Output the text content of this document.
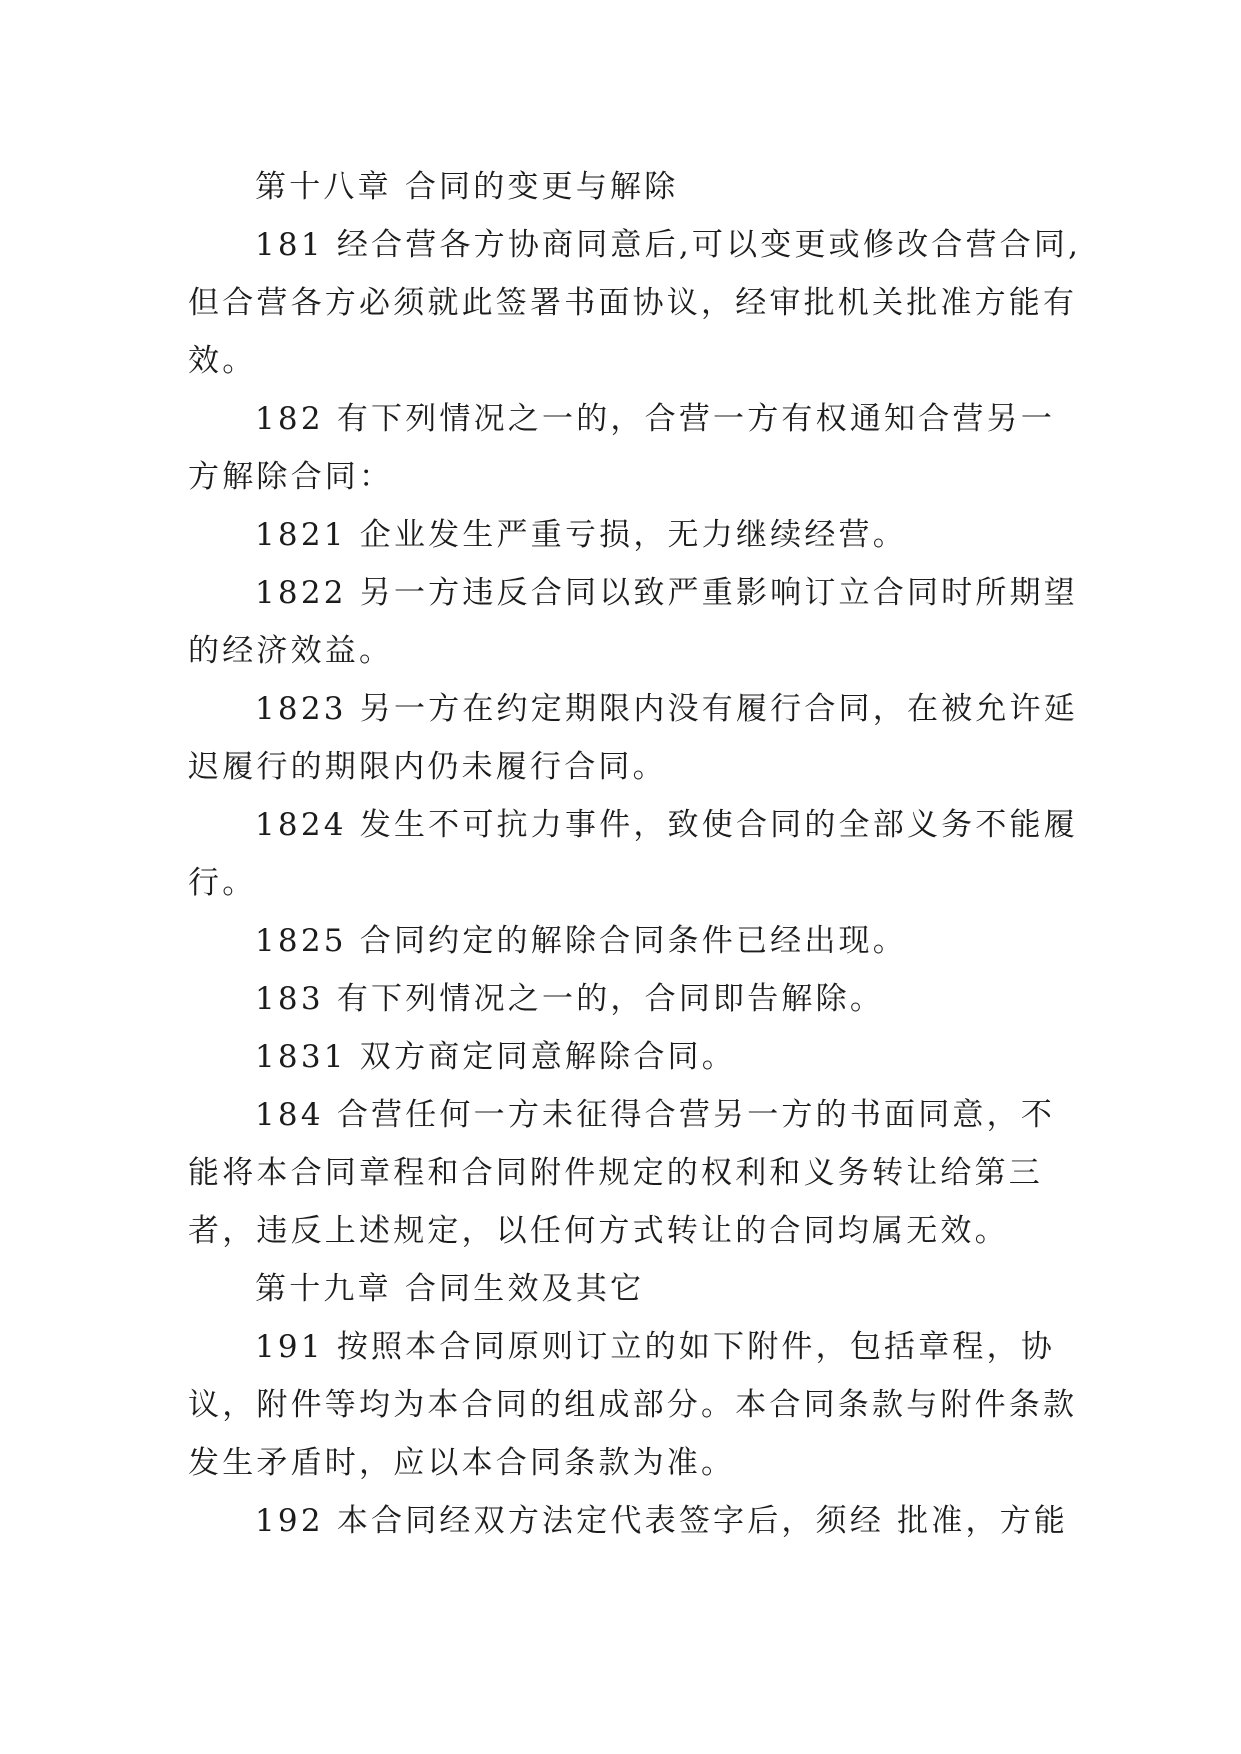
第十八章 合同的变更与解除

181 经合营各方协商同意后,可以变更或修改合营合同,但合营各方必须就此签署书面协议，经审批机关批准方能有效。

182 有下列情况之一的，合营一方有权通知合营另一方解除合同：

1821 企业发生严重亏损，无力继续经营。

1822 另一方违反合同以致严重影响订立合同时所期望的经济效益。

1823 另一方在约定期限内没有履行合同，在被允许延迟履行的期限内仍未履行合同。

1824 发生不可抗力事件，致使合同的全部义务不能履行。

1825 合同约定的解除合同条件已经出现。

183 有下列情况之一的，合同即告解除。

1831 双方商定同意解除合同。

184 合营任何一方未征得合营另一方的书面同意，不能将本合同章程和合同附件规定的权利和义务转让给第三者，违反上述规定，以任何方式转让的合同均属无效。

第十九章 合同生效及其它

191 按照本合同原则订立的如下附件，包括章程，协议，附件等均为本合同的组成部分。本合同条款与附件条款发生矛盾时，应以本合同条款为准。

192 本合同经双方法定代表签字后，须经 批准，方能
